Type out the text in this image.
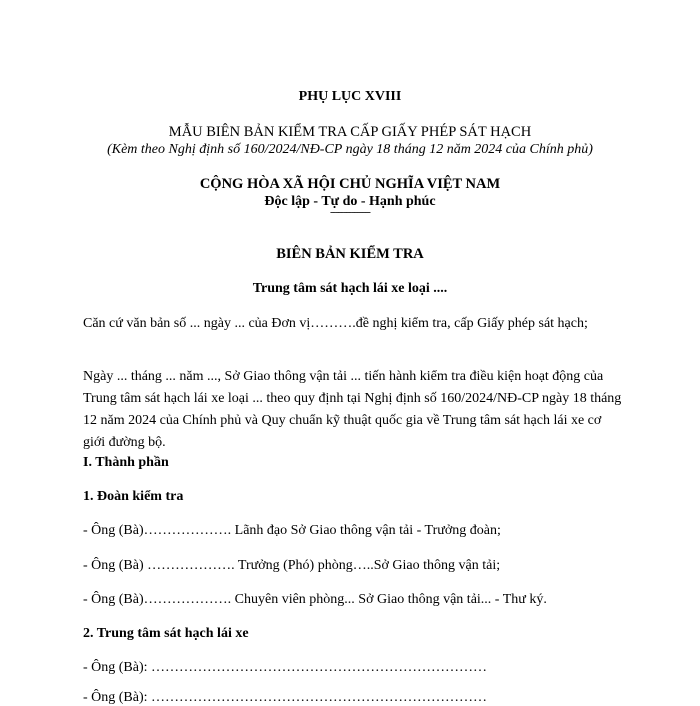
PHỤ LỤC XVIII
MẪU BIÊN BẢN KIỂM TRA CẤP GIẤY PHÉP SÁT HẠCH
(Kèm theo Nghị định số 160/2024/NĐ-CP ngày 18 tháng 12 năm 2024 của Chính phủ)
CỘNG HÒA XÃ HỘI CHỦ NGHĨA VIỆT NAM
Độc lập - Tự do - Hạnh phúc
---------------
BIÊN BẢN KIỂM TRA
Trung tâm sát hạch lái xe loại ....
Căn cứ văn bản số ... ngày ... của Đơn vị……….đề nghị kiểm tra, cấp Giấy phép sát hạch;
Ngày ... tháng ... năm ..., Sở Giao thông vận tải ... tiến hành kiểm tra điều kiện hoạt động của Trung tâm sát hạch lái xe loại ... theo quy định tại Nghị định số 160/2024/NĐ-CP ngày 18 tháng 12 năm 2024 của Chính phủ và Quy chuẩn kỹ thuật quốc gia về Trung tâm sát hạch lái xe cơ giới đường bộ.
I. Thành phần
1. Đoàn kiểm tra
- Ông (Bà)………………. Lãnh đạo Sở Giao thông vận tải - Trưởng đoàn;
- Ông (Bà) ………………. Trưởng (Phó) phòng…..Sở Giao thông vận tải;
- Ông (Bà)………………. Chuyên viên phòng... Sở Giao thông vận tải... - Thư ký.
2. Trung tâm sát hạch lái xe
- Ông (Bà): ………………………………………………………………
- Ông (Bà): ………………………………………………………………
